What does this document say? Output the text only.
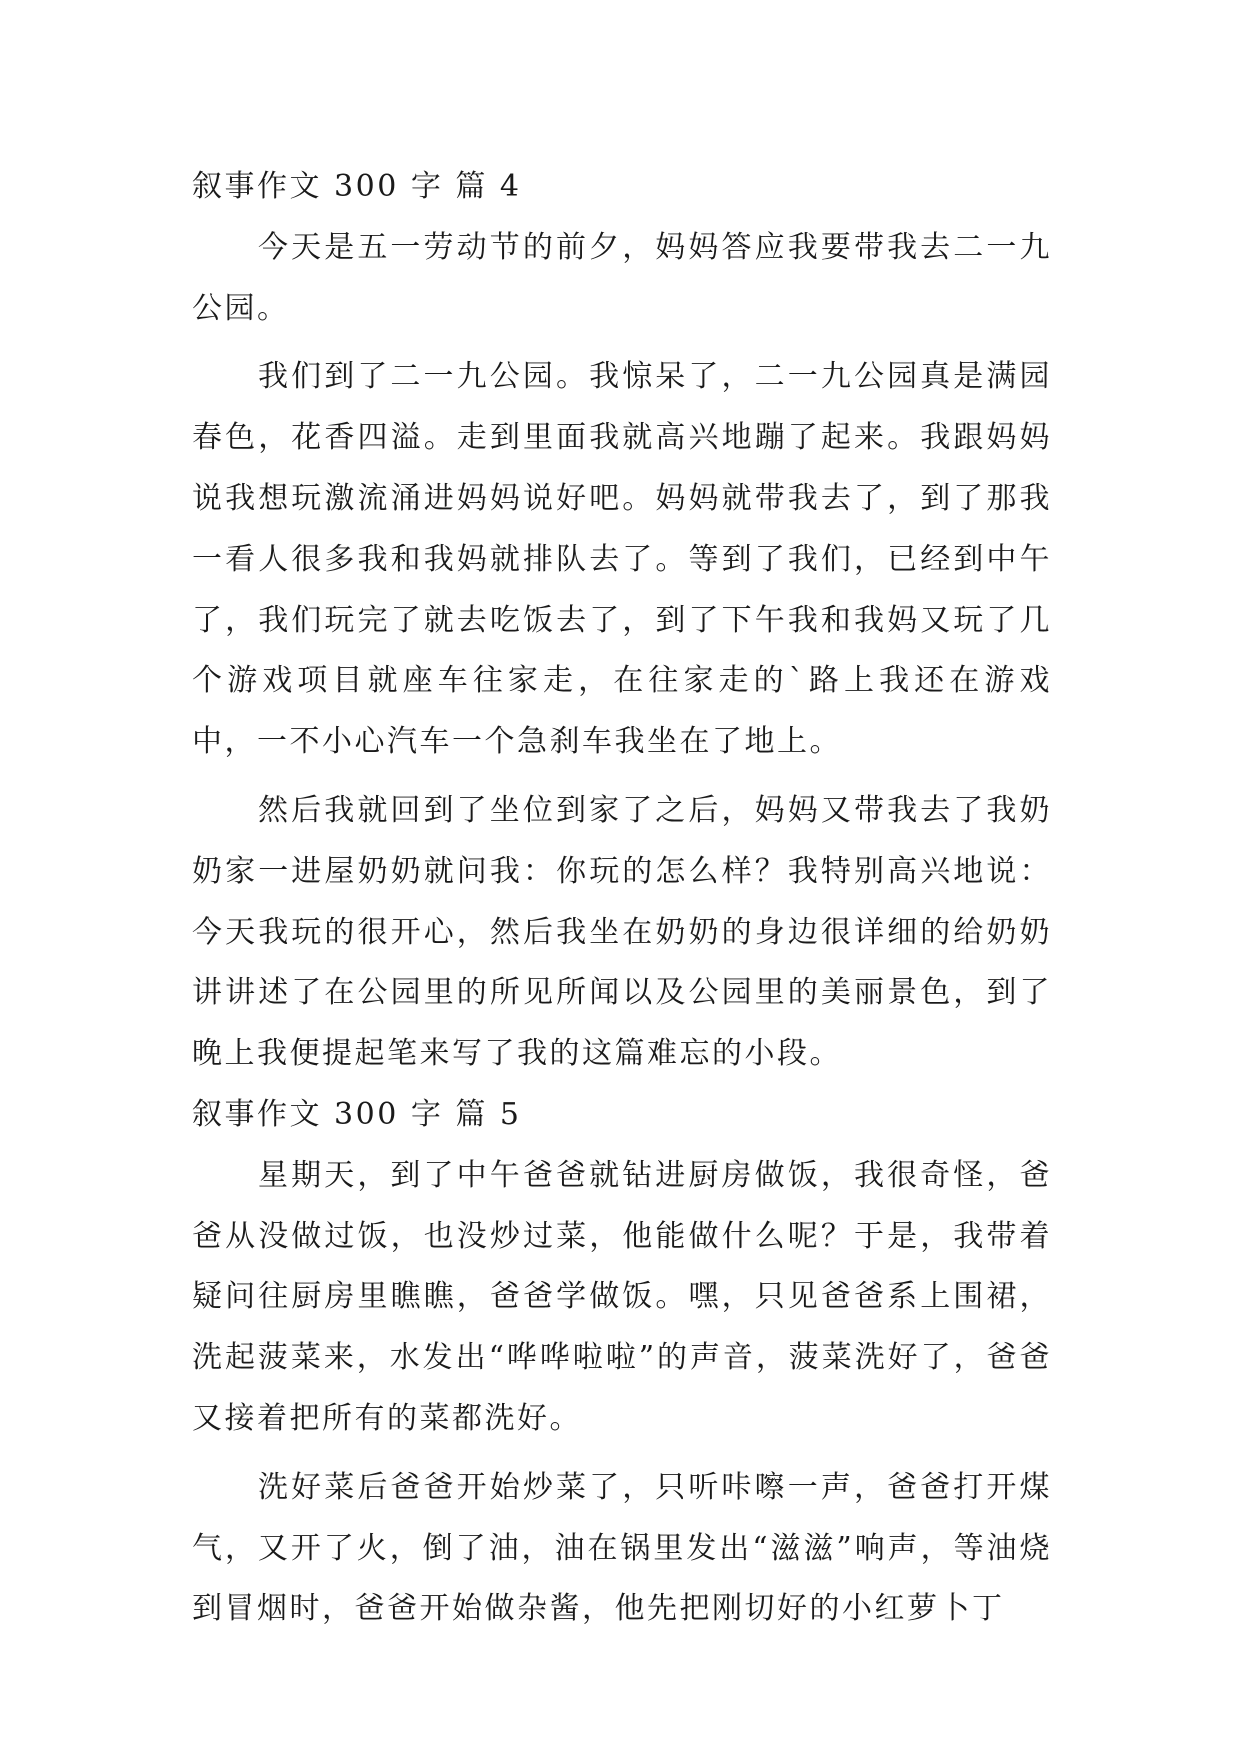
叙事作文 300 字 篇 4

今天是五一劳动节的前夕，妈妈答应我要带我去二一九公园。

我们到了二一九公园。我惊呆了，二一九公园真是满园春色，花香四溢。走到里面我就高兴地蹦了起来。我跟妈妈说我想玩激流涌进妈妈说好吧。妈妈就带我去了，到了那我一看人很多我和我妈就排队去了。等到了我们，已经到中午了，我们玩完了就去吃饭去了，到了下午我和我妈又玩了几个游戏项目就座车往家走，在往家走的`路上我还在游戏中，一不小心汽车一个急刹车我坐在了地上。

然后我就回到了坐位到家了之后，妈妈又带我去了我奶奶家一进屋奶奶就问我：你玩的怎么样？我特别高兴地说：今天我玩的很开心，然后我坐在奶奶的身边很详细的给奶奶讲讲述了在公园里的所见所闻以及公园里的美丽景色，到了晚上我便提起笔来写了我的这篇难忘的小段。

叙事作文 300 字 篇 5

星期天，到了中午爸爸就钻进厨房做饭，我很奇怪，爸爸从没做过饭，也没炒过菜，他能做什么呢？于是，我带着疑问往厨房里瞧瞧，爸爸学做饭。嘿，只见爸爸系上围裙，洗起菠菜来，水发出“哗哗啦啦”的声音，菠菜洗好了，爸爸又接着把所有的菜都洗好。

洗好菜后爸爸开始炒菜了，只听咔嚓一声，爸爸打开煤气，又开了火，倒了油，油在锅里发出“滋滋”响声，等油烧到冒烟时，爸爸开始做杂酱，他先把刚切好的小红萝卜丁
